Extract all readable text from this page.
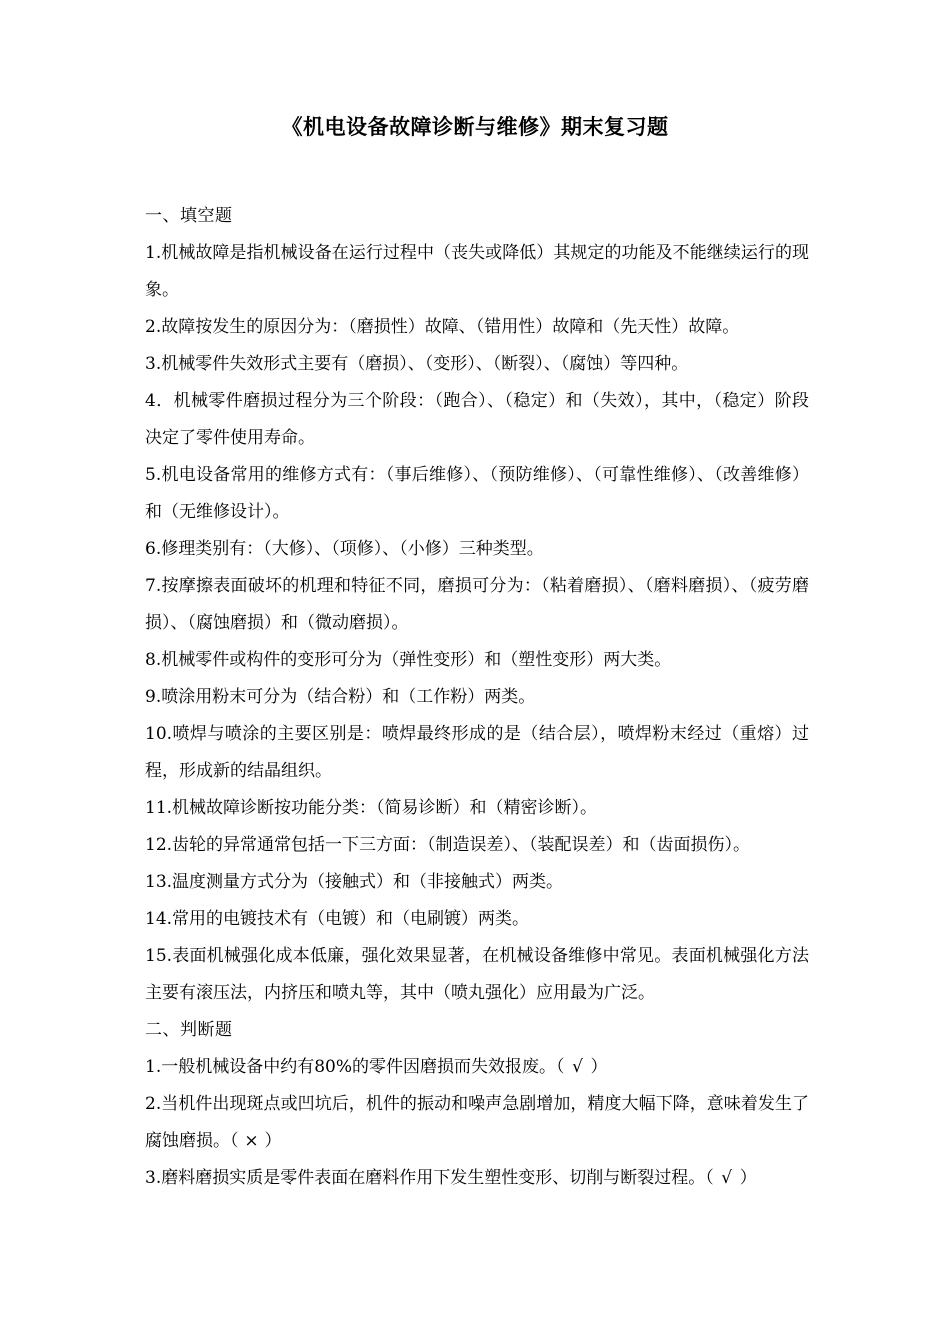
《机电设备故障诊断与维修》期末复习题

一、填空题

1.机械故障是指机械设备在运行过程中（丧失或降低）其规定的功能及不能继续运行的现象。

2.故障按发生的原因分为：（磨损性）故障、（错用性）故障和（先天性）故障。

3.机械零件失效形式主要有（磨损）、（变形）、（断裂）、（腐蚀）等四种。

4．机械零件磨损过程分为三个阶段：（跑合）、（稳定）和（失效），其中，（稳定）阶段决定了零件使用寿命。

5.机电设备常用的维修方式有：（事后维修）、（预防维修）、（可靠性维修）、（改善维修）和（无维修设计）。

6.修理类别有：（大修）、（项修）、（小修）三种类型。

7.按摩擦表面破坏的机理和特征不同，磨损可分为：（粘着磨损）、（磨料磨损）、（疲劳磨损）、（腐蚀磨损）和（微动磨损）。

8.机械零件或构件的变形可分为（弹性变形）和（塑性变形）两大类。

9.喷涂用粉末可分为（结合粉）和（工作粉）两类。

10.喷焊与喷涂的主要区别是：喷焊最终形成的是（结合层），喷焊粉末经过（重熔）过程，形成新的结晶组织。

11.机械故障诊断按功能分类：（简易诊断）和（精密诊断）。

12.齿轮的异常通常包括一下三方面：（制造误差）、（装配误差）和（齿面损伤）。

13.温度测量方式分为（接触式）和（非接触式）两类。

14.常用的电镀技术有（电镀）和（电刷镀）两类。

15.表面机械强化成本低廉，强化效果显著，在机械设备维修中常见。表面机械强化方法主要有滚压法，内挤压和喷丸等，其中（喷丸强化）应用最为广泛。

二、判断题

1.一般机械设备中约有80%的零件因磨损而失效报废。（ √ ）

2.当机件出现斑点或凹坑后，机件的振动和噪声急剧增加，精度大幅下降，意味着发生了腐蚀磨损。（ × ）

3.磨料磨损实质是零件表面在磨料作用下发生塑性变形、切削与断裂过程。（ √ ）
